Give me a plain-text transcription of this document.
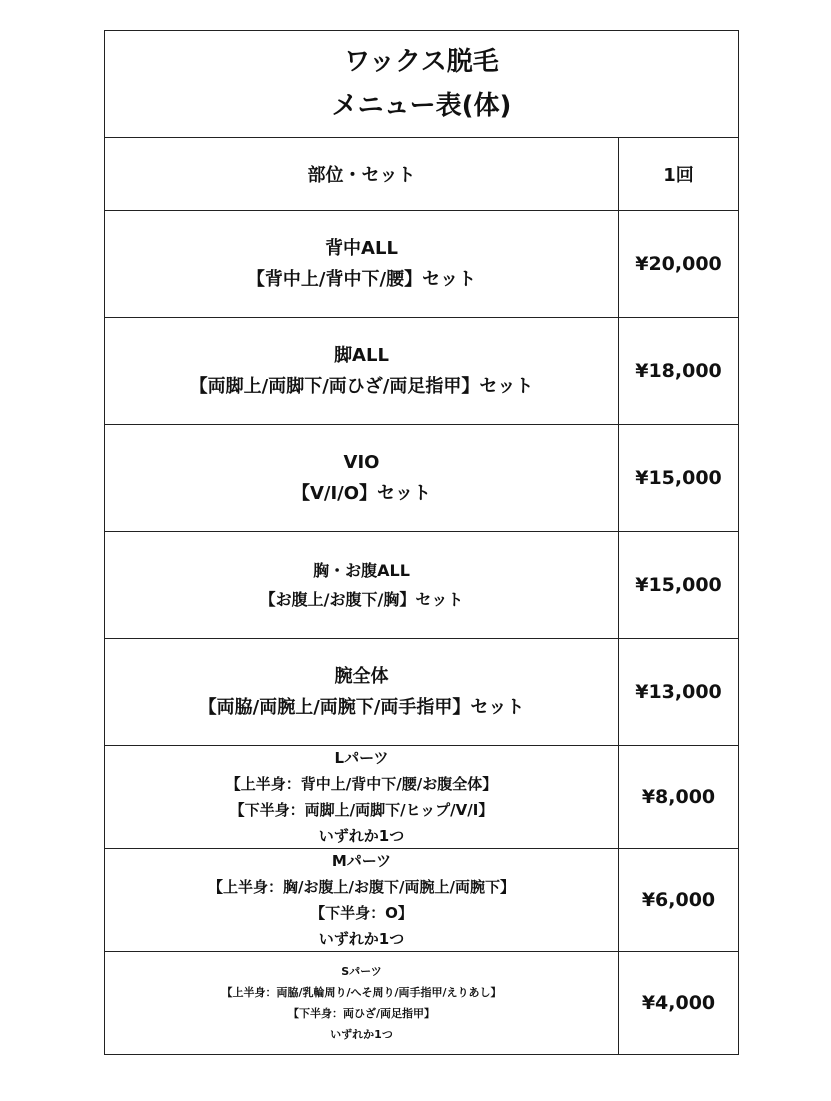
ワックス脱毛
メニュー表(体)
部位・セット	1回
背中ALL
【背中上/背中下/腰】セット
¥20,000
脚ALL
【両脚上/両脚下/両ひざ/両足指甲】セット
¥18,000
VIO
【V/I/O】セット
¥15,000
胸・お腹ALL
【お腹上/お腹下/胸】セット
¥15,000
腕全体
【両脇/両腕上/両腕下/両手指甲】セット
¥13,000
Lパーツ
【上半身：背中上/背中下/腰/お腹全体】
【下半身：両脚上/両脚下/ヒップ/V/I】
いずれか1つ
¥8,000
Mパーツ
【上半身：胸/お腹上/お腹下/両腕上/両腕下】
【下半身：O】
いずれか1つ
¥6,000
Sパーツ
【上半身：両脇/乳輪周り/へそ周り/両手指甲/えりあし】
【下半身：両ひざ/両足指甲】
いずれか1つ
¥4,000
